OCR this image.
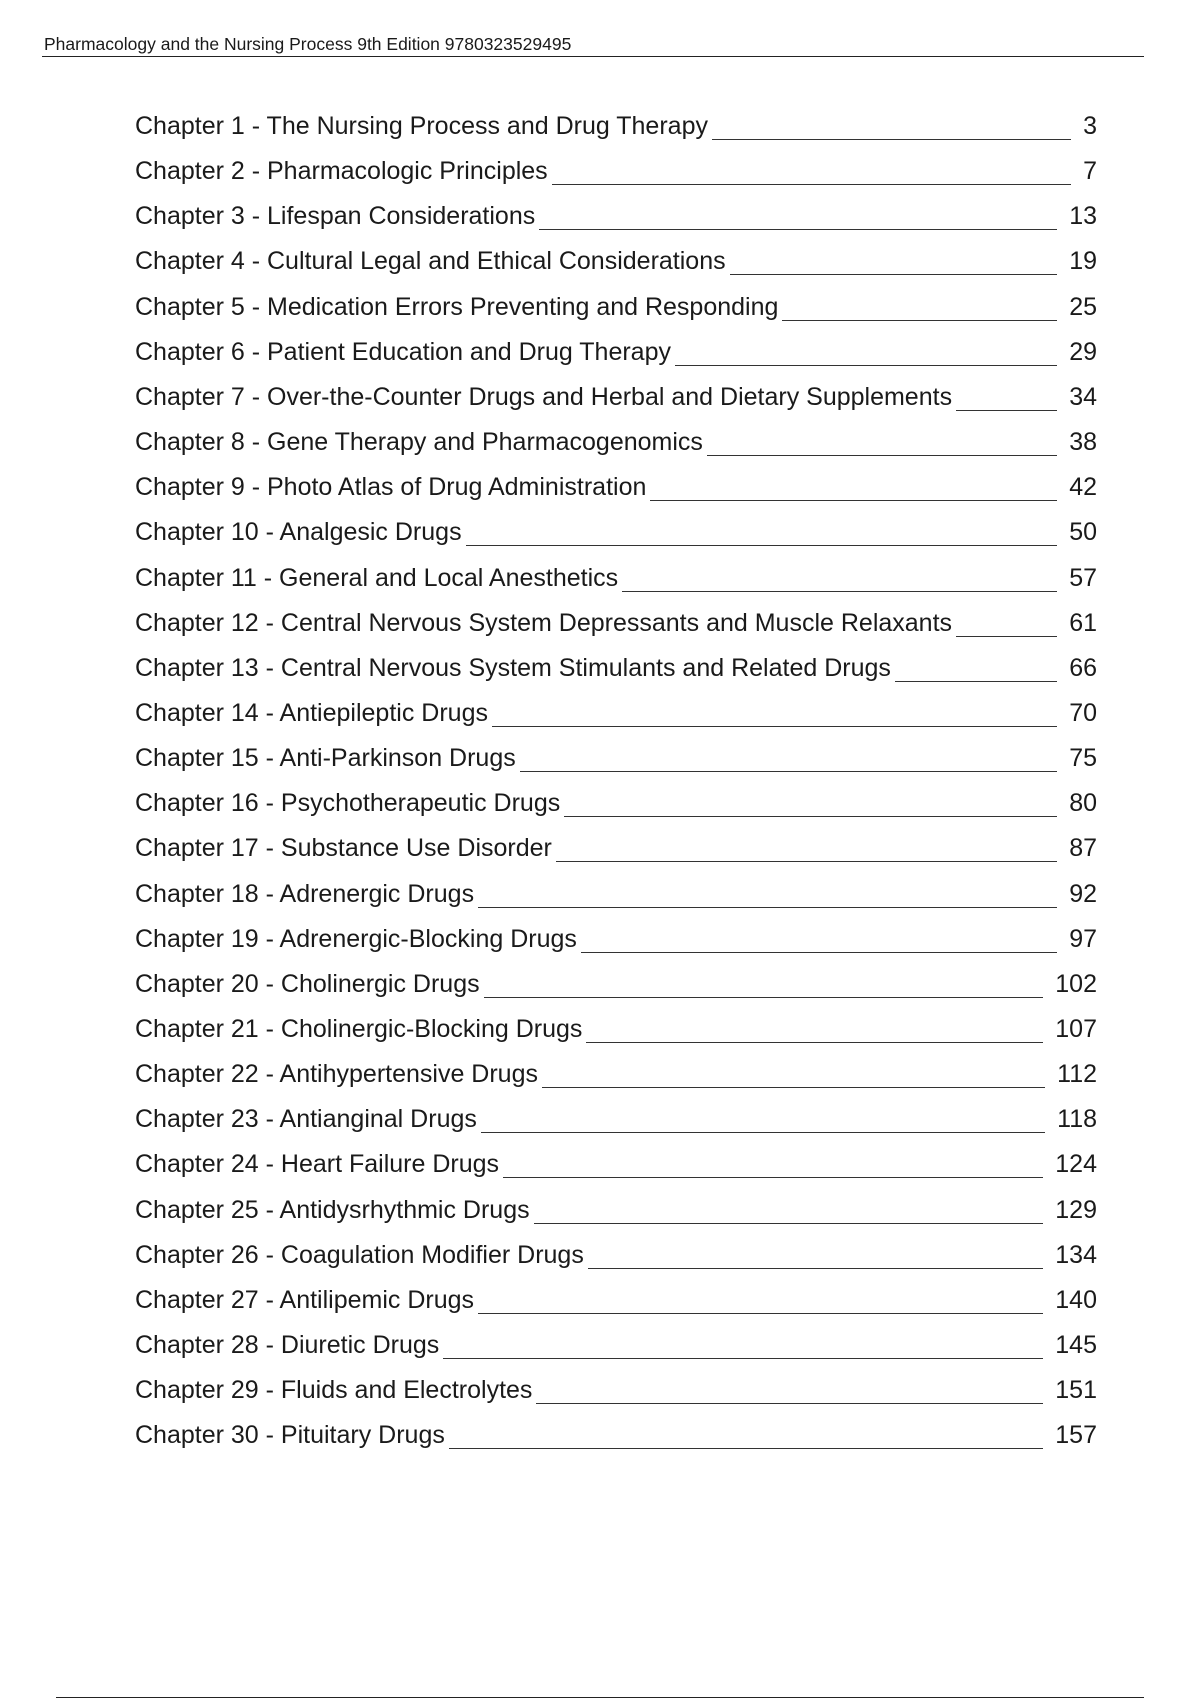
Pharmacology and the Nursing Process 9th Edition 9780323529495
Chapter 1 - The Nursing Process and Drug Therapy	3
Chapter 2 - Pharmacologic Principles	7
Chapter 3 - Lifespan Considerations	13
Chapter 4 - Cultural Legal and Ethical Considerations	19
Chapter 5 - Medication Errors Preventing and Responding	25
Chapter 6 - Patient Education and Drug Therapy	29
Chapter 7 - Over-the-Counter Drugs and Herbal and Dietary Supplements	34
Chapter 8 - Gene Therapy and Pharmacogenomics	38
Chapter 9 - Photo Atlas of Drug Administration	42
Chapter 10 - Analgesic Drugs	50
Chapter 11 - General and Local Anesthetics	57
Chapter 12 - Central Nervous System Depressants and Muscle Relaxants	61
Chapter 13 - Central Nervous System Stimulants and Related Drugs	66
Chapter 14 - Antiepileptic Drugs	70
Chapter 15 - Anti-Parkinson Drugs	75
Chapter 16 - Psychotherapeutic Drugs	80
Chapter 17 - Substance Use Disorder	87
Chapter 18 - Adrenergic Drugs	92
Chapter 19 - Adrenergic-Blocking Drugs	97
Chapter 20 - Cholinergic Drugs	102
Chapter 21 - Cholinergic-Blocking Drugs	107
Chapter 22 - Antihypertensive Drugs	112
Chapter 23 - Antianginal Drugs	118
Chapter 24 - Heart Failure Drugs	124
Chapter 25 - Antidysrhythmic Drugs	129
Chapter 26 - Coagulation Modifier Drugs	134
Chapter 27 - Antilipemic Drugs	140
Chapter 28 - Diuretic Drugs	145
Chapter 29 - Fluids and Electrolytes	151
Chapter 30 - Pituitary Drugs	157
